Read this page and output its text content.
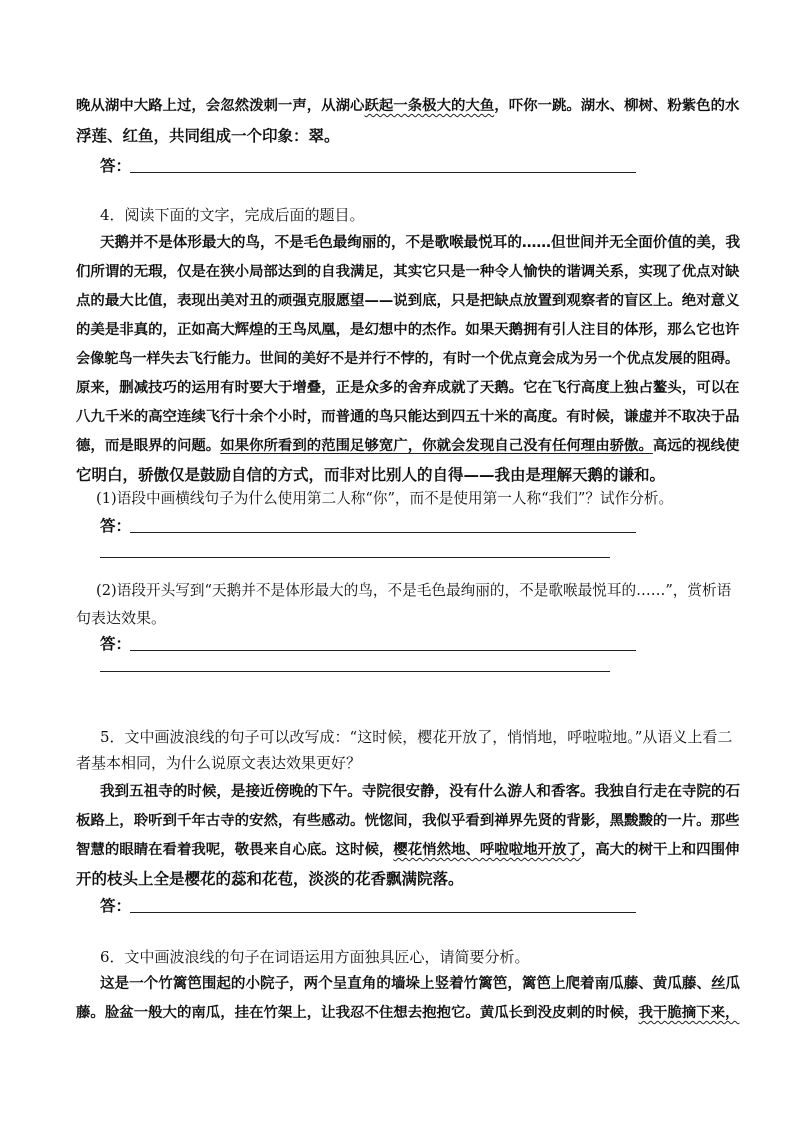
晚从湖中大路上过，会忽然泼刺一声，从湖心跃起一条极大的大鱼，吓你一跳。湖水、柳树、粉紫色的水
浮莲、红鱼，共同组成一个印象：翠。
答：
4．阅读下面的文字，完成后面的题目。
天鹅并不是体形最大的鸟，不是毛色最绚丽的，不是歌喉最悦耳的……但世间并无全面价值的美，我
们所谓的无瑕，仅是在狭小局部达到的自我满足，其实它只是一种令人愉快的谐调关系，实现了优点对缺
点的最大比值，表现出美对丑的顽强克服愿望——说到底，只是把缺点放置到观察者的盲区上。绝对意义
的美是非真的，正如高大辉煌的王鸟凤凰，是幻想中的杰作。如果天鹅拥有引人注目的体形，那么它也许
会像鸵鸟一样失去飞行能力。世间的美好不是并行不悖的，有时一个优点竟会成为另一个优点发展的阻碍。
原来，删减技巧的运用有时要大于增叠，正是众多的舍弃成就了天鹅。它在飞行高度上独占鳌头，可以在
八九千米的高空连续飞行十余个小时，而普通的鸟只能达到四五十米的高度。有时候，谦虚并不取决于品
德，而是眼界的问题。如果你所看到的范围足够宽广，你就会发现自己没有任何理由骄傲。高远的视线使
它明白，骄傲仅是鼓励自信的方式，而非对比别人的自得——我由是理解天鹅的谦和。
(1)语段中画横线句子为什么使用第二人称“你”，而不是使用第一人称“我们”？试作分析。
答：
(2)语段开头写到“天鹅并不是体形最大的鸟，不是毛色最绚丽的，不是歌喉最悦耳的……”，赏析语
句表达效果。
答：
5．文中画波浪线的句子可以改写成：“这时候，樱花开放了，悄悄地，呼啦啦地。”从语义上看二
者基本相同，为什么说原文表达效果更好？
我到五祖寺的时候，是接近傍晚的下午。寺院很安静，没有什么游人和香客。我独自行走在寺院的石
板路上，聆听到千年古寺的安然，有些感动。恍惚间，我似乎看到禅界先贤的背影，黑黢黢的一片。那些
智慧的眼睛在看着我呢，敬畏来自心底。这时候，樱花悄然地、呼啦啦地开放了，高大的树干上和四围伸
开的枝头上全是樱花的蕊和花苞，淡淡的花香飘满院落。
答：
6．文中画波浪线的句子在词语运用方面独具匠心，请简要分析。
这是一个竹篱笆围起的小院子，两个呈直角的墙垛上竖着竹篱笆，篱笆上爬着南瓜藤、黄瓜藤、丝瓜
藤。脸盆一般大的南瓜，挂在竹架上，让我忍不住想去抱抱它。黄瓜长到没皮刺的时候，我干脆摘下来，
